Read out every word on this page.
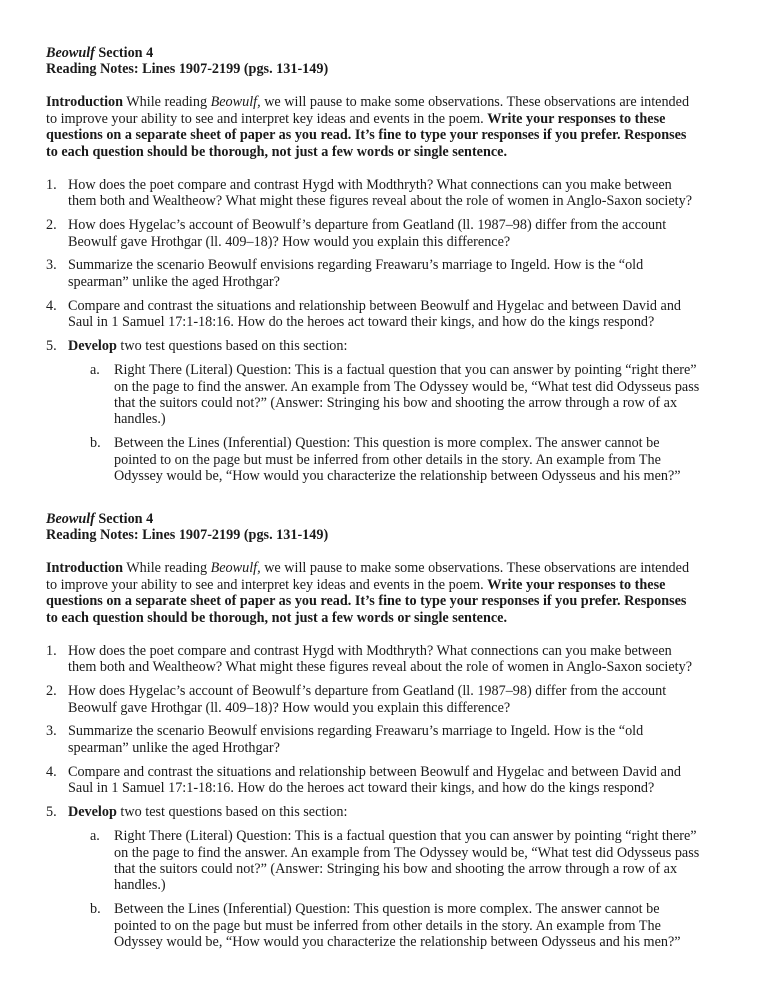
Beowulf Section 4
Reading Notes: Lines 1907-2199 (pgs. 131-149)
Introduction While reading Beowulf, we will pause to make some observations. These observations are intended
to improve your ability to see and interpret key ideas and events in the poem. Write your responses to these
questions on a separate sheet of paper as you read. It’s fine to type your responses if you prefer. Responses
to each question should be thorough, not just a few words or single sentence.
1. How does the poet compare and contrast Hygd with Modthryth? What connections can you make between
them both and Wealtheow? What might these figures reveal about the role of women in Anglo-Saxon society?
2. How does Hygelac’s account of Beowulf’s departure from Geatland (ll. 1987–98) differ from the account
Beowulf gave Hrothgar (ll. 409–18)? How would you explain this difference?
3. Summarize the scenario Beowulf envisions regarding Freawaru’s marriage to Ingeld. How is the “old
spearman” unlike the aged Hrothgar?
4. Compare and contrast the situations and relationship between Beowulf and Hygelac and between David and
Saul in 1 Samuel 17:1-18:16. How do the heroes act toward their kings, and how do the kings respond?
5. Develop two test questions based on this section:
a. Right There (Literal) Question: This is a factual question that you can answer by pointing “right there”
on the page to find the answer. An example from The Odyssey would be, “What test did Odysseus pass
that the suitors could not?” (Answer: Stringing his bow and shooting the arrow through a row of ax
handles.)
b. Between the Lines (Inferential) Question: This question is more complex. The answer cannot be
pointed to on the page but must be inferred from other details in the story. An example from The
Odyssey would be, “How would you characterize the relationship between Odysseus and his men?”
Beowulf Section 4
Reading Notes: Lines 1907-2199 (pgs. 131-149)
Introduction While reading Beowulf, we will pause to make some observations. These observations are intended
to improve your ability to see and interpret key ideas and events in the poem. Write your responses to these
questions on a separate sheet of paper as you read. It’s fine to type your responses if you prefer. Responses
to each question should be thorough, not just a few words or single sentence.
1. How does the poet compare and contrast Hygd with Modthryth? What connections can you make between
them both and Wealtheow? What might these figures reveal about the role of women in Anglo-Saxon society?
2. How does Hygelac’s account of Beowulf’s departure from Geatland (ll. 1987–98) differ from the account
Beowulf gave Hrothgar (ll. 409–18)? How would you explain this difference?
3. Summarize the scenario Beowulf envisions regarding Freawaru’s marriage to Ingeld. How is the “old
spearman” unlike the aged Hrothgar?
4. Compare and contrast the situations and relationship between Beowulf and Hygelac and between David and
Saul in 1 Samuel 17:1-18:16. How do the heroes act toward their kings, and how do the kings respond?
5. Develop two test questions based on this section:
a. Right There (Literal) Question: This is a factual question that you can answer by pointing “right there”
on the page to find the answer. An example from The Odyssey would be, “What test did Odysseus pass
that the suitors could not?” (Answer: Stringing his bow and shooting the arrow through a row of ax
handles.)
b. Between the Lines (Inferential) Question: This question is more complex. The answer cannot be
pointed to on the page but must be inferred from other details in the story. An example from The
Odyssey would be, “How would you characterize the relationship between Odysseus and his men?”
